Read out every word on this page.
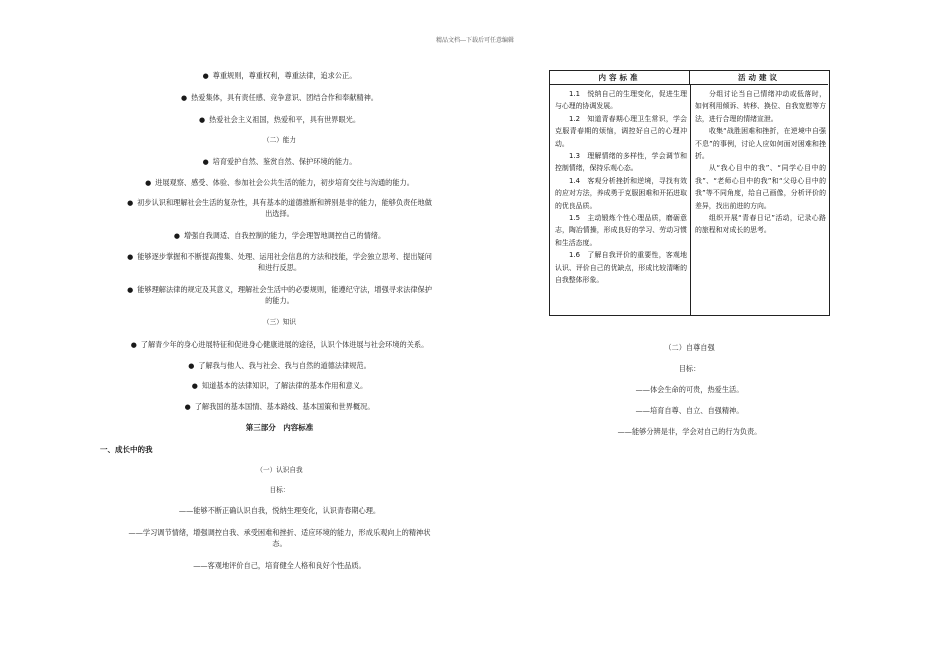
精品文档---下载后可任意编辑
● 尊重规则，尊重权利，尊重法律，追求公正。
● 热爱集体，具有责任感、竞争意识、团结合作和奉献精神。
● 热爱社会主义祖国，热爱和平，具有世界眼光。
（二）能力
● 培育爱护自然、鉴赏自然、保护环境的能力。
● 进展观察、感受、体验、参加社会公共生活的能力，初步培育交往与沟通的能力。
● 初步认识和理解社会生活的复杂性，具有基本的道德推断和辨别是非的能力，能够负责任地做
出选择。
● 增强自我调适、自我控制的能力，学会理智地调控自己的情绪。
● 能够逐步掌握和不断提高搜集、处理、运用社会信息的方法和技能，学会独立思考、提出疑问
和进行反思。
● 能够理解法律的规定及其意义，理解社会生活中的必要规则，能遵纪守法，增强寻求法律保护
的能力。
（三）知识
● 了解青少年的身心进展特征和促进身心健康进展的途径，认识个体进展与社会环境的关系。
● 了解我与他人、我与社会、我与自然的道德法律规范。
● 知道基本的法律知识，了解法律的基本作用和意义。
● 了解我国的基本国情、基本路线、基本国策和世界概况。
第三部分　内容标准
一、成长中的我
（一）认识自我
目标：
——能够不断正确认识自我，悦纳生理变化，认识青春期心理。
——学习调节情绪，增强调控自我、承受困难和挫折、适应环境的能力，形成乐观向上的精神状
态。
——客观地评价自己，培育健全人格和良好个性品质。
内容标准	活动建议

1.1　悦纳自己的生理变化，促进生理与心理的协调发展。

1.2　知道青春期心理卫生常识，学会克服青春期的烦恼，调控好自己的心理冲动。

1.3　理解情绪的多样性，学会调节和控制情绪，保持乐观心态。

1.4　客观分析挫折和逆境，寻找有效的应对方法，养成勇于克服困难和开拓进取的优良品质。

1.5　主动锻炼个性心理品质，磨砺意志，陶冶情操，形成良好的学习、劳动习惯和生活态度。

1.6　了解自我评价的重要性，客观地认识、评价自己的优缺点，形成比较清晰的自我整体形象。

分组讨论当自己情绪冲动或低落时，如何利用倾诉、转移、换位、自我宽慰等方法，进行合理的情绪宣泄。

收集“战胜困难和挫折，在逆境中自强不息”的事例，讨论人应如何面对困难和挫折。

从“我心目中的我”、“同学心目中的我”、“老师心目中的我”和“父母心目中的我”等不同角度，给自己画像，分析评价的差异，找出前进的方向。

组织开展“青春日记”活动，记录心路的旅程和对成长的思考。

（二）自尊自强
目标：
——体会生命的可贵，热爱生活。
——培育自尊、自立、自强精神。
——能够分辨是非，学会对自己的行为负责。
